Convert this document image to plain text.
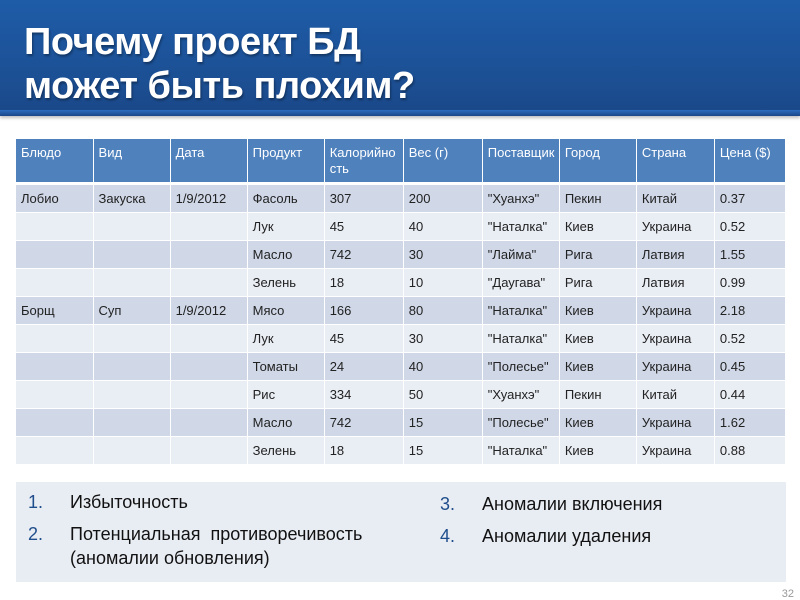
Почему проект БД
может быть плохим?
Блюдо	Вид	Дата	Продукт	Калорийно сть	Вес (г)	Поставщик	Город	Страна	Цена ($)
Лобио	Закуска	1/9/2012	Фасоль	307	200	"Хуанхэ"	Пекин	Китай	0.37
			Лук	45	40	"Наталка"	Киев	Украина	0.52
			Масло	742	30	"Лайма"	Рига	Латвия	1.55
			Зелень	18	10	"Даугава"	Рига	Латвия	0.99
Борщ	Суп	1/9/2012	Мясо	166	80	"Наталка"	Киев	Украина	2.18
			Лук	45	30	"Наталка"	Киев	Украина	0.52
			Томаты	24	40	"Полесье"	Киев	Украина	0.45
			Рис	334	50	"Хуанхэ"	Пекин	Китай	0.44
			Масло	742	15	"Полесье"	Киев	Украина	1.62
			Зелень	18	15	"Наталка"	Киев	Украина	0.88
1. Избыточность
2. Потенциальная  противоречивость
(аномалии обновления)
3. Аномалии включения
4. Аномалии удаления
32
